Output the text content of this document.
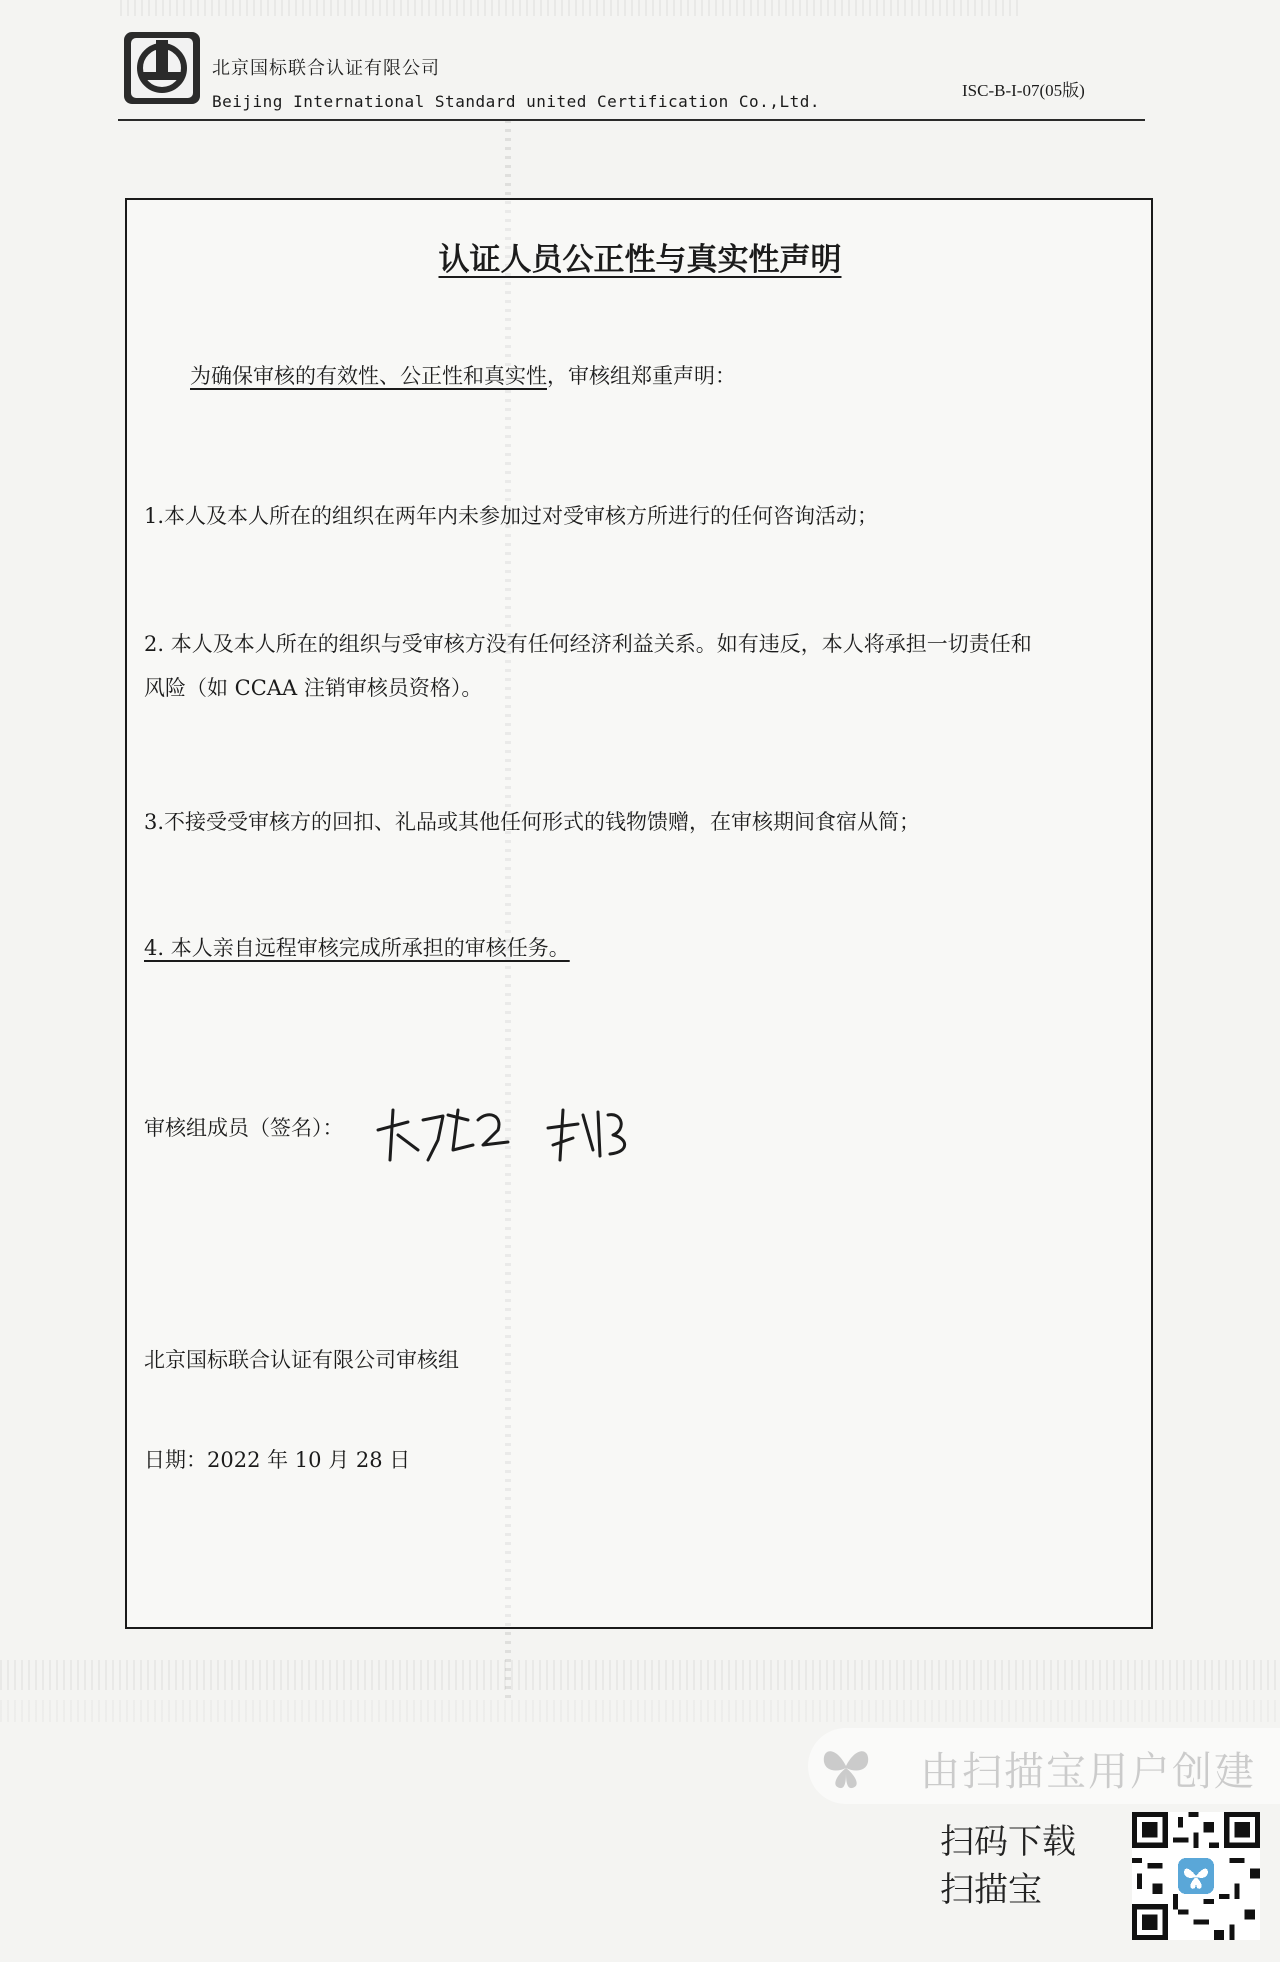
北京国标联合认证有限公司
Beijing International Standard united Certification Co.,Ltd.
ISC-B-I-07(05版)
认证人员公正性与真实性声明
为确保审核的有效性、公正性和真实性，审核组郑重声明：
1.本人及本人所在的组织在两年内未参加过对受审核方所进行的任何咨询活动；
2. 本人及本人所在的组织与受审核方没有任何经济利益关系。如有违反，本人将承担一切责任和
风险（如 CCAA 注销审核员资格）。
3.不接受受审核方的回扣、礼品或其他任何形式的钱物馈赠，在审核期间食宿从简；
4. 本人亲自远程审核完成所承担的审核任务。
审核组成员（签名）：
北京国标联合认证有限公司审核组
日期：2022 年 10 月 28 日
由扫描宝用户创建
扫码下载
扫描宝
